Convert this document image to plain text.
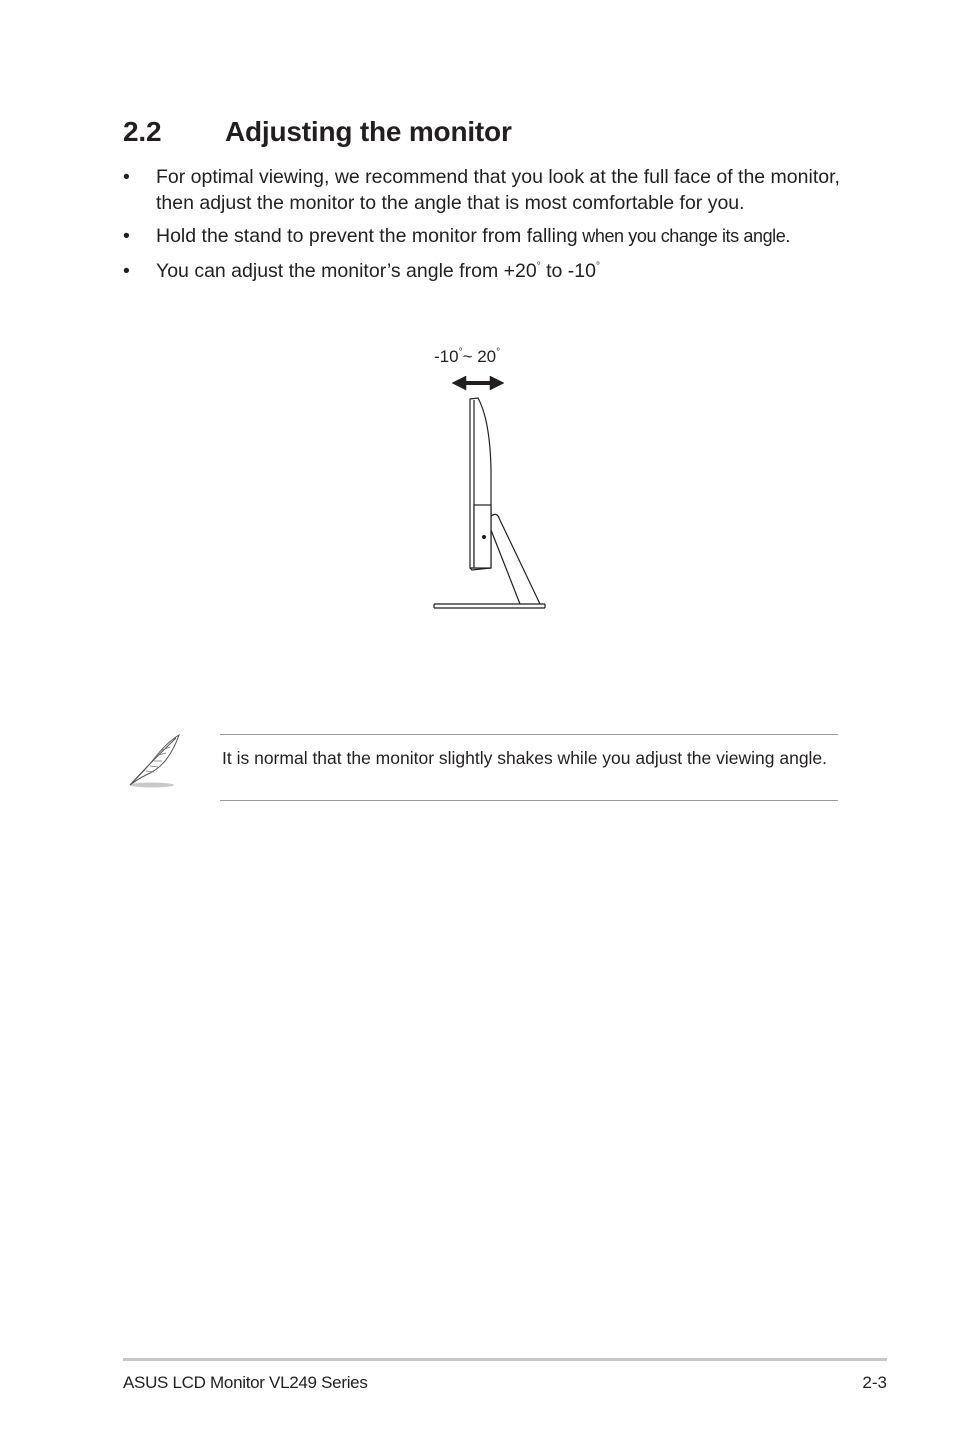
2.2 Adjusting the monitor
• For optimal viewing, we recommend that you look at the full face of the monitor, then adjust the monitor to the angle that is most comfortable for you.
• Hold the stand to prevent the monitor from falling when you change its angle.
• You can adjust the monitor’s angle from +20° to -10°
-10°~ 20°
It is normal that the monitor slightly shakes while you adjust the viewing angle.
ASUS LCD Monitor VL249 Series	2-3
